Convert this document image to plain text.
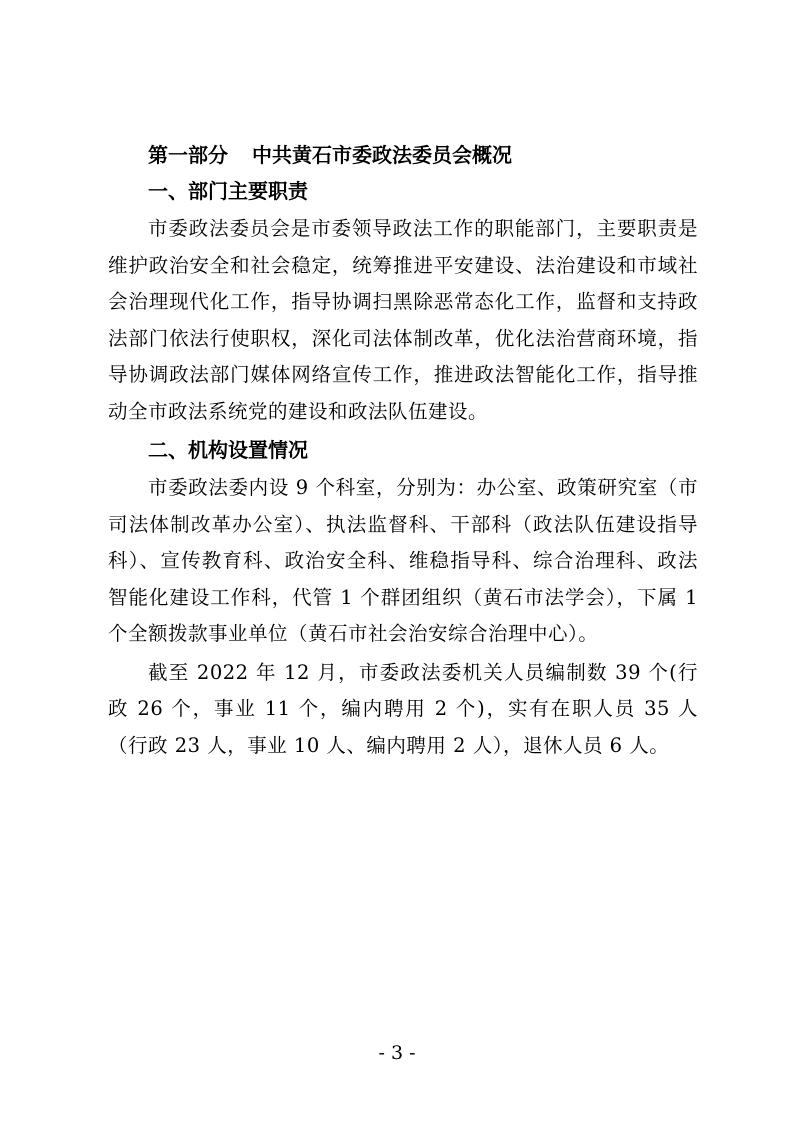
第一部分 中共黄石市委政法委员会概况
一、部门主要职责

市委政法委员会是市委领导政法工作的职能部门，主要职责是维护政治安全和社会稳定，统筹推进平安建设、法治建设和市域社会治理现代化工作，指导协调扫黑除恶常态化工作，监督和支持政法部门依法行使职权，深化司法体制改革，优化法治营商环境，指导协调政法部门媒体网络宣传工作，推进政法智能化工作，指导推动全市政法系统党的建设和政法队伍建设。

二、机构设置情况

市委政法委内设 9 个科室，分别为：办公室、政策研究室（市司法体制改革办公室）、执法监督科、干部科（政法队伍建设指导科）、宣传教育科、政治安全科、维稳指导科、综合治理科、政法智能化建设工作科，代管 1 个群团组织（黄石市法学会），下属 1 个全额拨款事业单位（黄石市社会治安综合治理中心）。

截至 2022 年 12 月，市委政法委机关人员编制数 39 个(行政 26 个，事业 11 个，编内聘用 2 个)，实有在职人员 35 人（行政 23 人，事业 10 人、编内聘用 2 人），退休人员 6 人。

- 3 -
